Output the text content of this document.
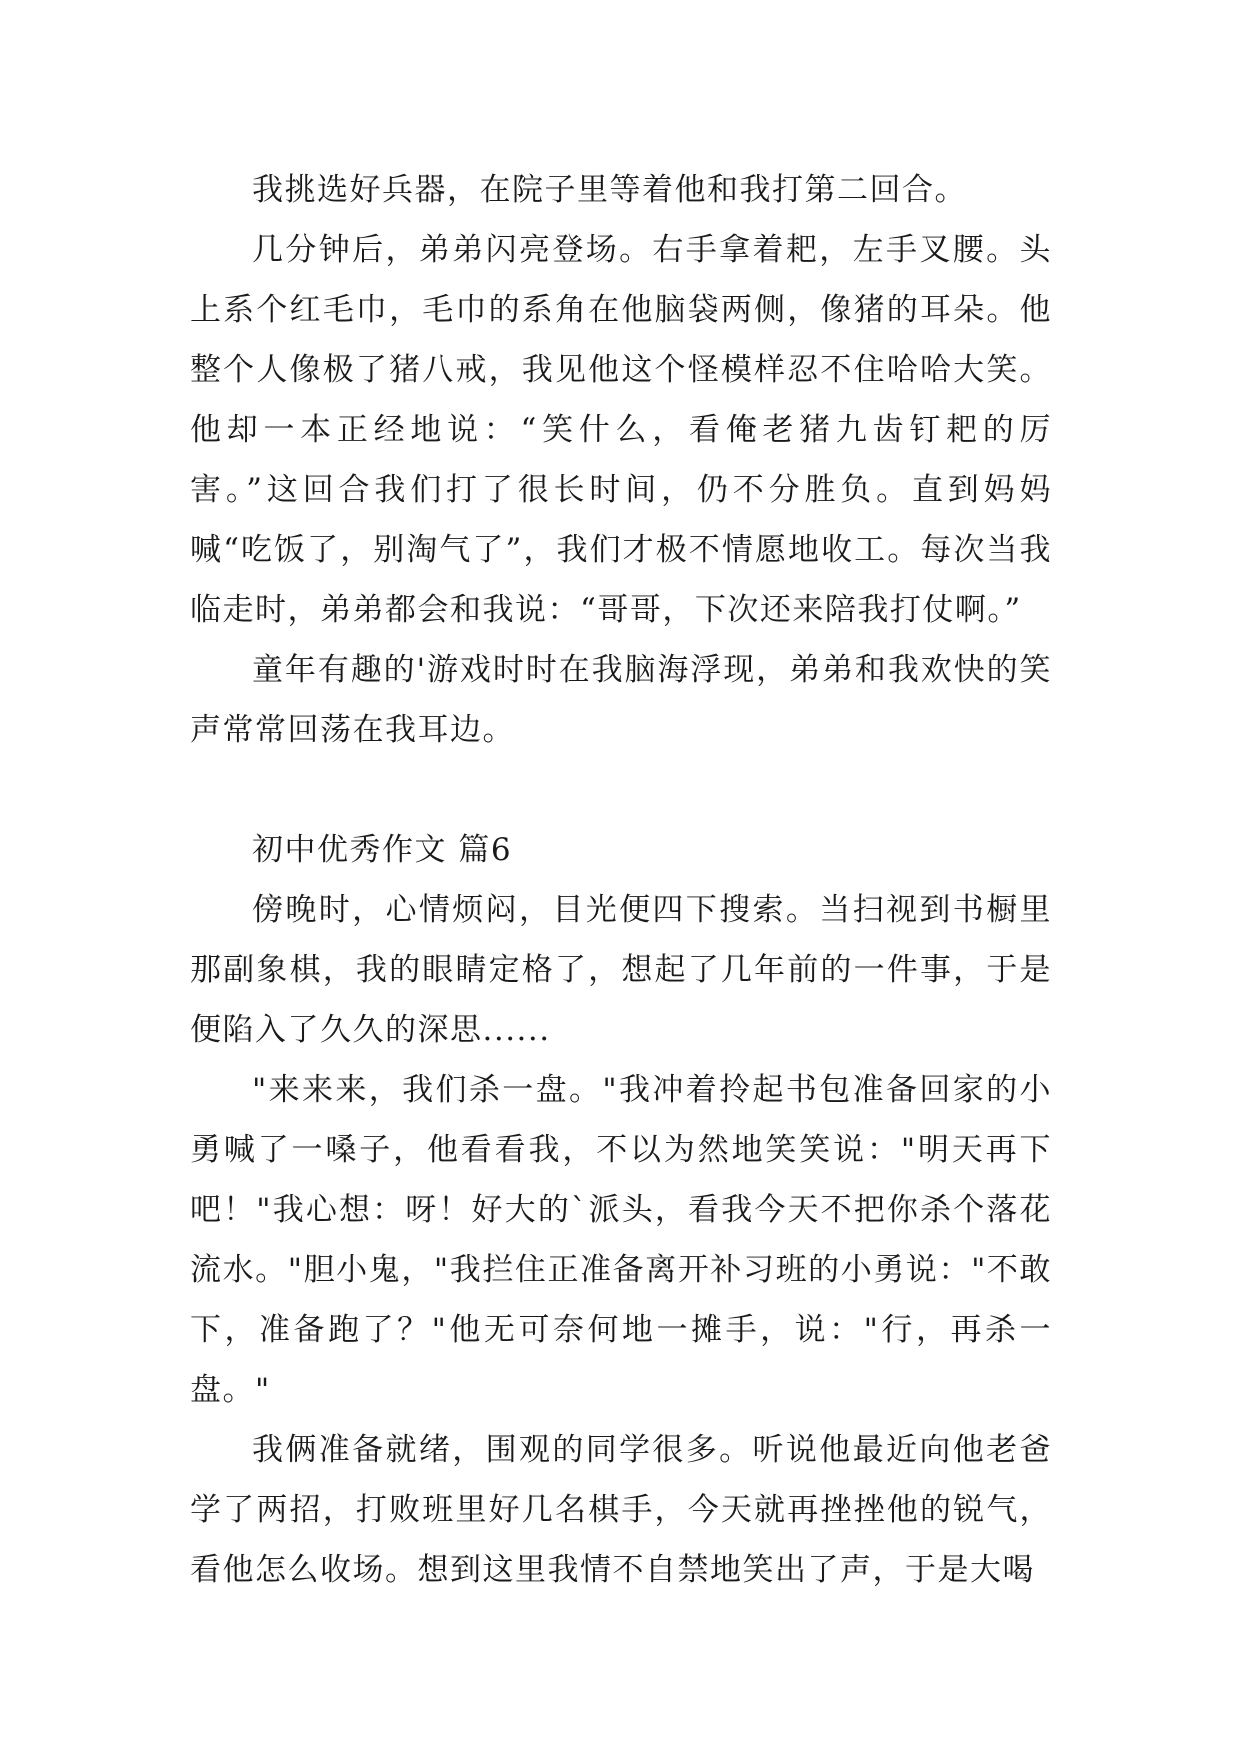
我挑选好兵器，在院子里等着他和我打第二回合。

几分钟后，弟弟闪亮登场。右手拿着耙，左手叉腰。头上系个红毛巾，毛巾的系角在他脑袋两侧，像猪的耳朵。他整个人像极了猪八戒，我见他这个怪模样忍不住哈哈大笑。他却一本正经地说：“笑什么，看俺老猪九齿钉耙的厉害。”这回合我们打了很长时间，仍不分胜负。直到妈妈喊“吃饭了，别淘气了”，我们才极不情愿地收工。每次当我临走时，弟弟都会和我说：“哥哥，下次还来陪我打仗啊。”

童年有趣的'游戏时时在我脑海浮现，弟弟和我欢快的笑声常常回荡在我耳边。

初中优秀作文 篇6

傍晚时，心情烦闷，目光便四下搜索。当扫视到书橱里那副象棋，我的眼睛定格了，想起了几年前的一件事，于是便陷入了久久的深思......

"来来来，我们杀一盘。"我冲着拎起书包准备回家的小勇喊了一嗓子，他看看我，不以为然地笑笑说："明天再下吧！"我心想：呀！好大的`派头，看我今天不把你杀个落花流水。"胆小鬼，"我拦住正准备离开补习班的小勇说："不敢下，准备跑了？"他无可奈何地一摊手，说："行，再杀一盘。"

我俩准备就绪，围观的同学很多。听说他最近向他老爸学了两招，打败班里好几名棋手，今天就再挫挫他的锐气，看他怎么收场。想到这里我情不自禁地笑出了声，于是大喝
